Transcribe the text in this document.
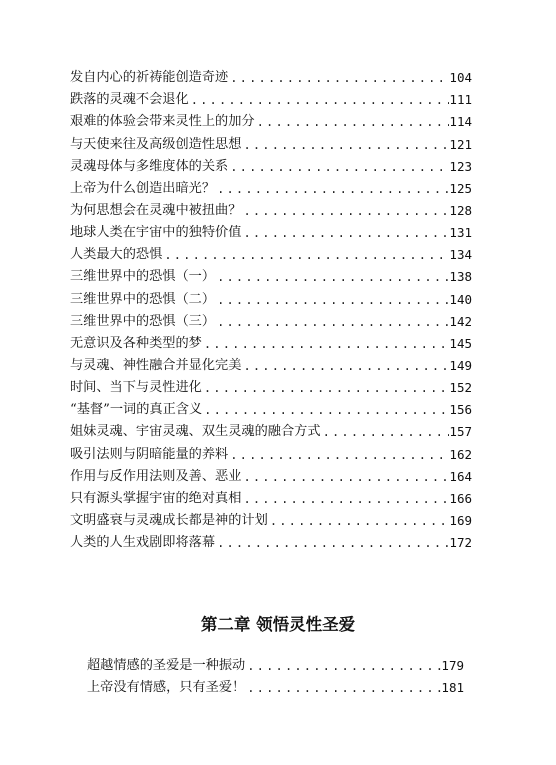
发自内心的祈祷能创造奇迹 .....	104
跌落的灵魂不会退化 .....	111
艰难的体验会带来灵性上的加分 .....	114
与天使来往及高级创造性思想 .....	121
灵魂母体与多维度体的关系 .....	123
上帝为什么创造出暗光？ .....	125
为何思想会在灵魂中被扭曲？ .....	128
地球人类在宇宙中的独特价值 .....	131
人类最大的恐惧 .....	134
三维世界中的恐惧（一） .....	138
三维世界中的恐惧（二） .....	140
三维世界中的恐惧（三） .....	142
无意识及各种类型的梦 .....	145
与灵魂、神性融合并显化完美 .....	149
时间、当下与灵性进化 .....	152
“基督”一词的真正含义 .....	156
姐妹灵魂、宇宙灵魂、双生灵魂的融合方式 .....	157
吸引法则与阴暗能量的养料 .....	162
作用与反作用法则及善、恶业 .....	164
只有源头掌握宇宙的绝对真相 .....	166
文明盛衰与灵魂成长都是神的计划 .....	169
人类的人生戏剧即将落幕 .....	172
第二章 领悟灵性圣爱
超越情感的圣爱是一种振动 .....	179
上帝没有情感，只有圣爱！ .....	181
